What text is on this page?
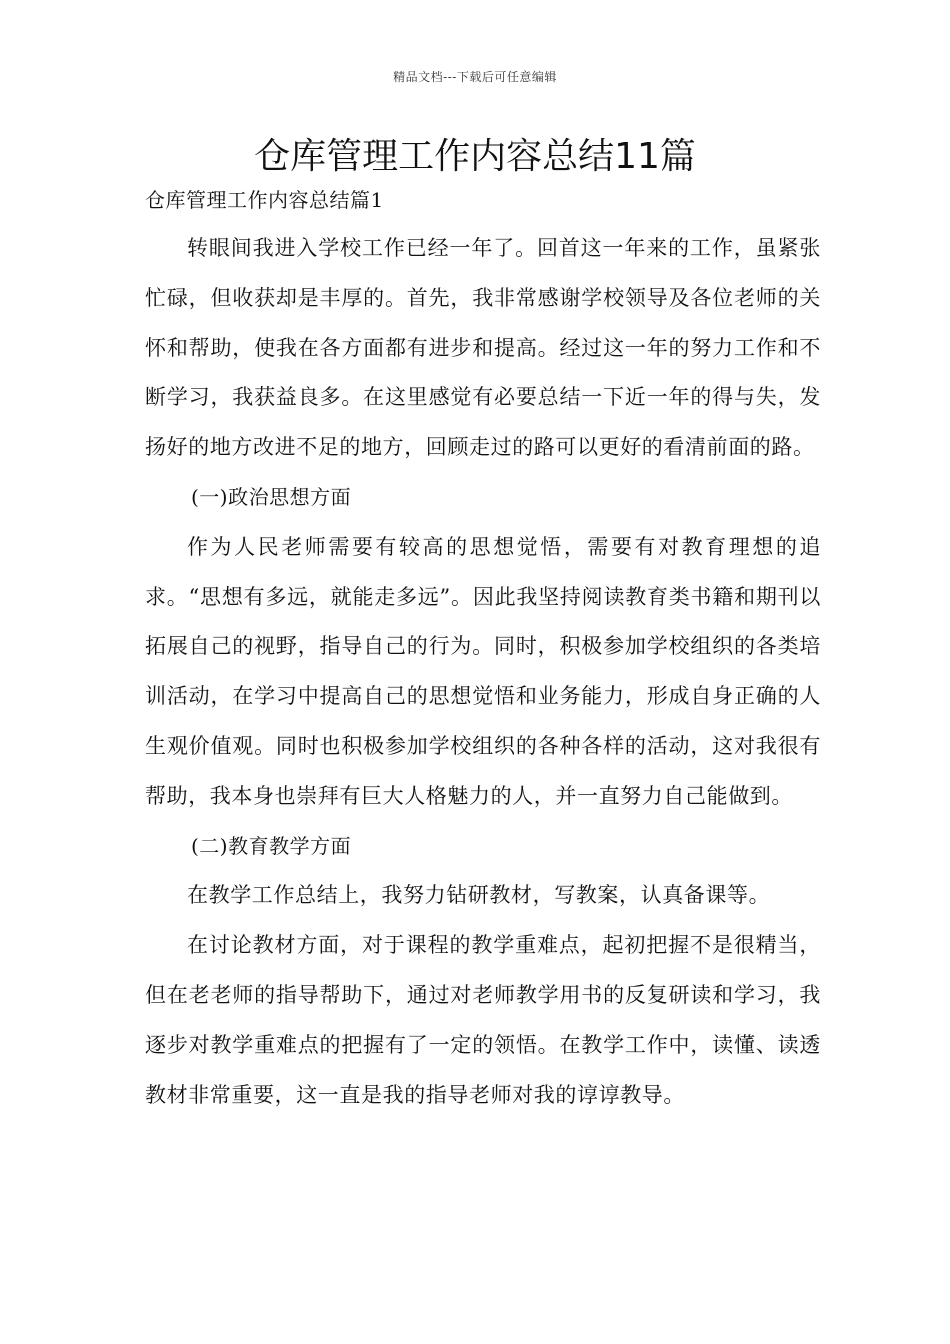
精品文档---下载后可任意编辑
仓库管理工作内容总结11篇

仓库管理工作内容总结篇1

转眼间我进入学校工作已经一年了。回首这一年来的工作，虽紧张忙碌，但收获却是丰厚的。首先，我非常感谢学校领导及各位老师的关怀和帮助，使我在各方面都有进步和提高。经过这一年的努力工作和不断学习，我获益良多。在这里感觉有必要总结一下近一年的得与失，发扬好的地方改进不足的地方，回顾走过的路可以更好的看清前面的路。

(一)政治思想方面

作为人民老师需要有较高的思想觉悟，需要有对教育理想的追求。“思想有多远，就能走多远”。因此我坚持阅读教育类书籍和期刊以拓展自己的视野，指导自己的行为。同时，积极参加学校组织的各类培训活动，在学习中提高自己的思想觉悟和业务能力，形成自身正确的人生观价值观。同时也积极参加学校组织的各种各样的活动，这对我很有帮助，我本身也崇拜有巨大人格魅力的人，并一直努力自己能做到。

(二)教育教学方面

在教学工作总结上，我努力钻研教材，写教案，认真备课等。

在讨论教材方面，对于课程的教学重难点，起初把握不是很精当，但在老老师的指导帮助下，通过对老师教学用书的反复研读和学习，我逐步对教学重难点的把握有了一定的领悟。在教学工作中，读懂、读透教材非常重要，这一直是我的指导老师对我的谆谆教导。
